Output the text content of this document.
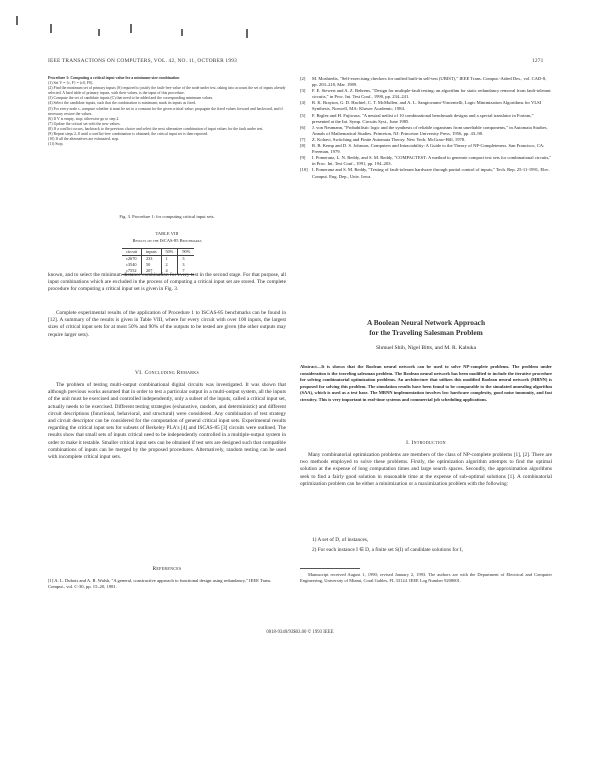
IEEE TRANSACTIONS ON COMPUTERS, VOL. 42, NO. 11, OCTOBER 1993	1271
Procedure 1: Computing a critical input value for a minimum-size combination
(1) Set V = {c, F} = (c0, F0).
(2) Find the minimum set of primary inputs (S) required to justify the fault-free value of the node under test, taking into account the set of inputs already selected. A hard table of primary inputs, with their values, is the input of this procedure.
(3) Compute the set of candidate inputs (C) that need to be added and the corresponding minimum values.
(4) Select the candidate inputs, such that the combination is minimum; mark its inputs as fixed.
(5) For every node c, compute whether it must be set to a constant for the given critical value; propagate the fixed values forward and backward, and if necessary restore the values.
(6) If V is empty, stop; otherwise go to step 2.
(7) Update the critical set with the new values.
(8) If a conflict occurs, backtrack to the previous choice and select the next alternative combination of input values for the fault under test.
(9) Repeat steps 2–8 until a conflict-free combination is obtained; the critical input set is then reported.
(10) If all the alternatives are exhausted, stop.
(11) Stop.
Fig. 3. Procedure 1: for computing critical input sets.
TABLE VIII
Results on the ISCAS-85 Benchmarks
circuit	inputs	50%	90%
c2670	233	1	3
c3540	50	2	3
c7552	207	4	7
known, and to select the minimum distance combination for every test in the second stage. For that purpose, all input combinations which are excluded in the process of computing a critical input set are stored. The complete procedure for computing a critical input set is given in Fig. 3.
Complete experimental results of the application of Procedure 1 to ISCAS-85 benchmarks can be found in [12]. A summary of the results is given in Table VIII, where for every circuit with over 100 inputs, the largest sizes of critical input sets for at most 50% and 90% of the outputs to be tested are given (the other outputs may require larger sets).
VI. Concluding Remarks
The problem of testing multi-output combinational digital circuits was investigated. It was shown that although previous works assumed that in order to test a particular output in a multi-output system, all the inputs of the unit must be exercised and controlled independently, only a subset of the inputs, called a critical input set, actually needs to be exercised. Different testing strategies (exhaustive, random, and deterministic) and different circuit descriptions (functional, behavioral, and structural) were considered. Any combination of test strategy and circuit descriptor can be considered for the computation of general critical input sets. Experimental results regarding the critical input sets for subsets of Berkeley PLA's [4] and ISCAS-85 [3] circuits were outlined. The results show that small sets of inputs critical need to be independently controlled in a multiple-output system in order to make it testable. Smaller critical input sets can be obtained if test sets are designed such that compatible combinations of inputs can be merged by the proposed procedures. Alternatively, random testing can be used with incomplete critical input sets.
References
[1] A. L. Dubois and A. R. Walsh, "A general, constructive approach to functional design using redundancy," IEEE Trans. Comput., vol. C-30, pp. 15–20, 1981.
[2]	M. Moshiedis, "Self-exercising checkers for unified built-in self-test (UBIST)," IEEE Trans. Comput.-Aided Des., vol. CAD-8, pp. 203–218, Mar. 1989.
[3]	F. E. Siewert and A. Z. Behrens, "Design for multiple-fault testing: an algorithm for static redundancy removal from fault-tolerant circuits," in Proc. Int. Test Conf., 1990, pp. 234–241.
[4]	R. K. Brayton, G. D. Hachtel, C. T. McMullen, and A. L. Sangiovanni-Vincentelli, Logic Minimization Algorithms for VLSI Synthesis. Norwell, MA: Kluwer Academic, 1984.
[5]	F. Brglez and H. Fujiwara, "A neutral netlist of 10 combinational benchmark designs and a special translator in Fortran," presented at the Int. Symp. Circuits Syst., June 1985.
[6]	J. von Neumann, "Probabilistic logic and the synthesis of reliable organisms from unreliable components," in Automata Studies, Annals of Mathematical Studies. Princeton, NJ: Princeton University Press, 1956, pp. 43–98.
[7]	Z. Kohavi, Switching and Finite Automata Theory. New York: McGraw-Hill, 1978.
[8]	R. B. Kemp and D. S. Johnson, Computers and Intractability: A Guide to the Theory of NP-Completeness. San Francisco, CA: Freeman, 1979.
[9]	I. Pomeranz, L. N. Reddy, and S. M. Reddy, "COMPACTEST: A method to generate compact test sets for combinational circuits," in Proc. Int. Test Conf., 1991, pp. 194–203.
[10] I. Pomeranz and S. M. Reddy, "Testing of fault-tolerant hardware through partial control of inputs," Tech. Rep. 25-11-1991, Elec. Comput. Eng. Dep., Univ. Iowa.
A Boolean Neural Network Approach
for the Traveling Salesman Problem
Shmuel Shih, Nigel Bitts, and M. R. Kabuka
Abstract—It is shown that the Boolean neural network can be used to solve NP-complete problems. The problem under consideration is the traveling salesman problem. The Boolean neural network has been modified to include the iterative procedure for solving combinatorial optimization problems. An architecture that utilizes this modified Boolean neural network (MBNN) is proposed for solving this problem. The simulation results have been found to be comparable to the simulated annealing algorithm (SAA), which is used as a test base. The MBNN implementation involves low hardware complexity, good noise immunity, and fast circuitry. This is very important in real-time systems and commercial job scheduling applications.
I. Introduction
Many combinatorial optimization problems are members of the class of NP-complete problems [1], [2]. There are two methods employed to solve these problems. Firstly, the optimization algorithm attempts to find the optimal solution at the expense of long computation times and large search spaces. Secondly, the approximation algorithms seek to find a fairly good solution in reasonable time at the expense of sub-optimal solutions [1]. A combinatorial optimization problem can be either a minimization or a maximization problem with the following:
1) A set of D, of instances,
2) For each instance I ∈ D, a finite set S(I) of candidate solutions for I,
Manuscript received August 1, 1990; revised January 2, 1993. The authors are with the Department of Electrical and Computer Engineering, University of Miami, Coral Gables, FL 33124. IEEE Log Number 9208001.
0018-9340/93$03.00 © 1993 IEEE
